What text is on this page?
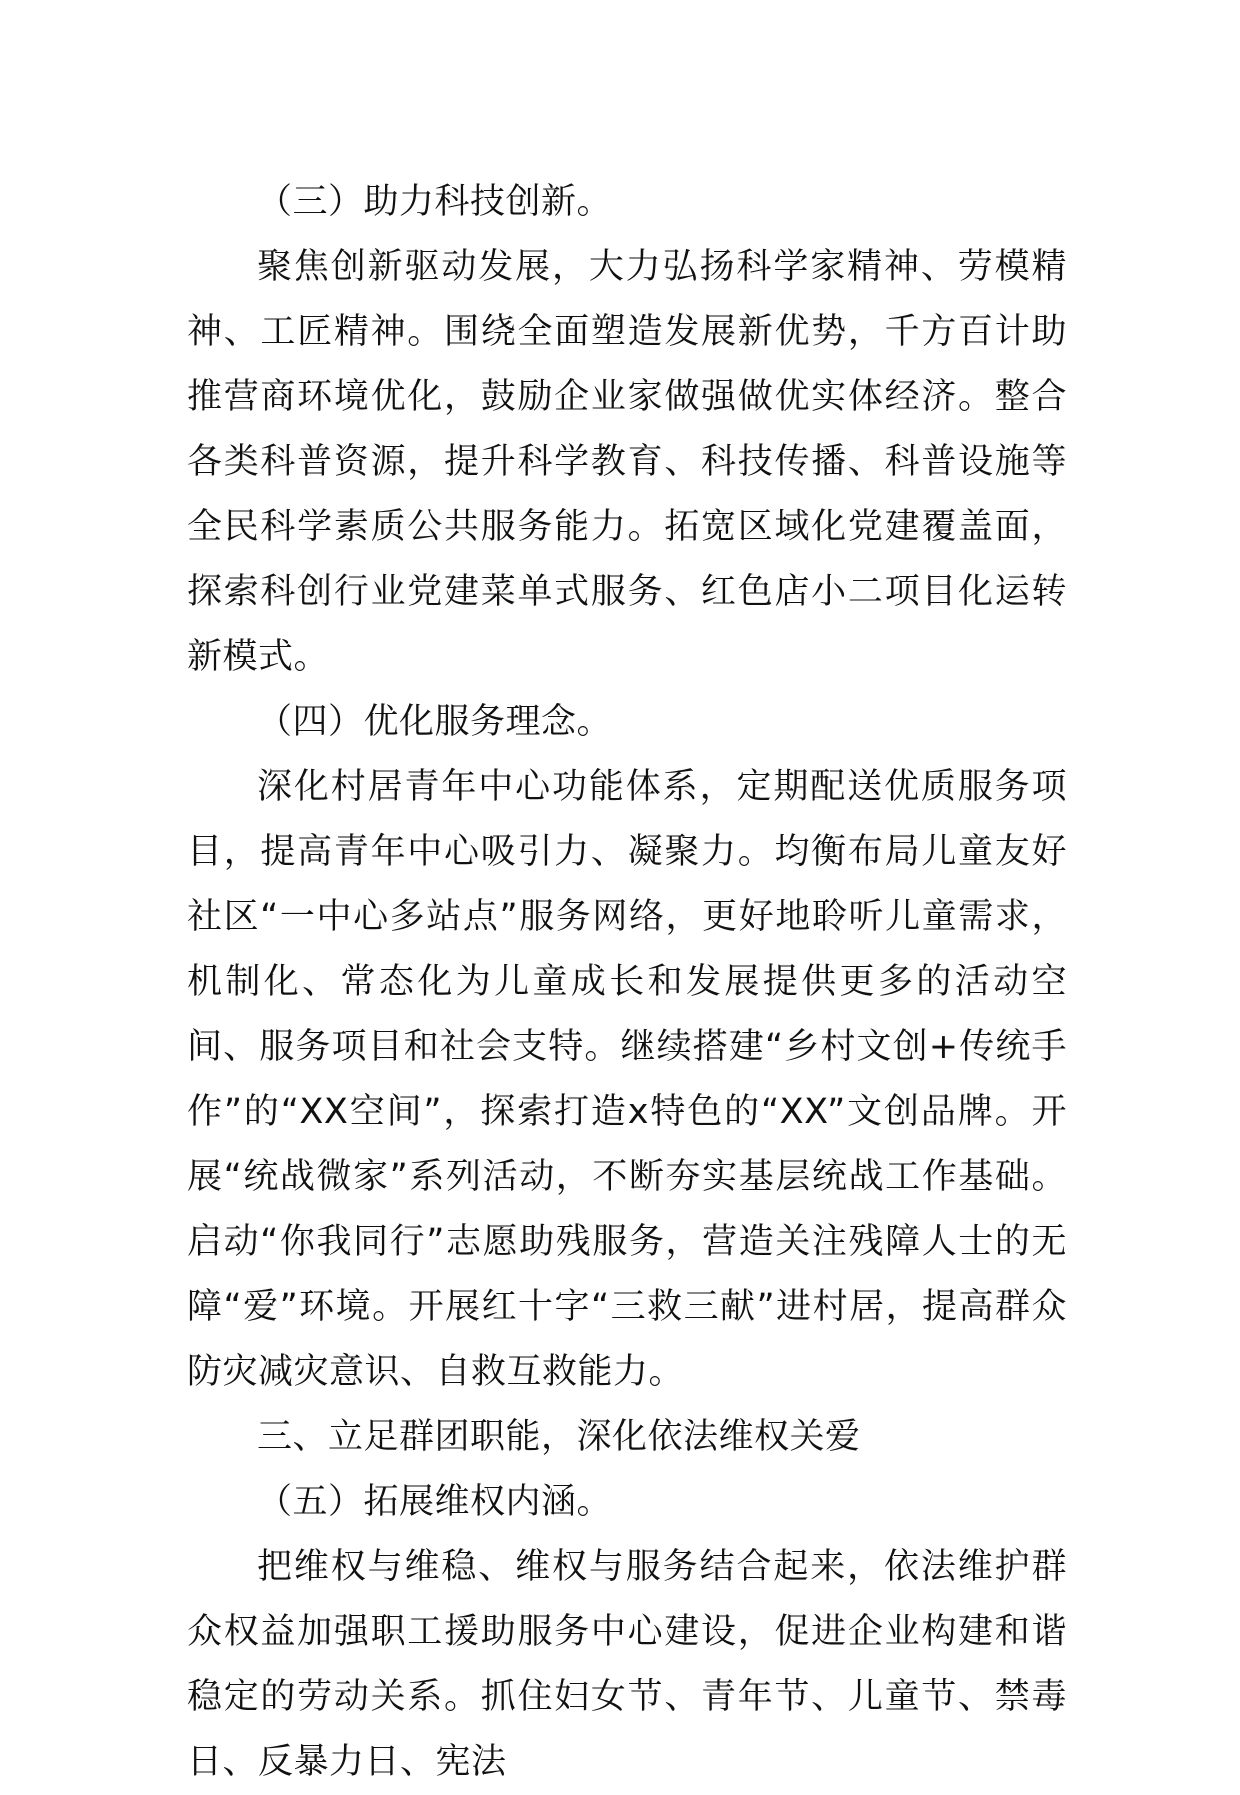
（三）助力科技创新。

聚焦创新驱动发展，大力弘扬科学家精神、劳模精神、工匠精神。围绕全面塑造发展新优势，千方百计助推营商环境优化，鼓励企业家做强做优实体经济。整合各类科普资源，提升科学教育、科技传播、科普设施等全民科学素质公共服务能力。拓宽区域化党建覆盖面，探索科创行业党建菜单式服务、红色店小二项目化运转新模式。

（四）优化服务理念。

深化村居青年中心功能体系，定期配送优质服务项目，提高青年中心吸引力、凝聚力。均衡布局儿童友好社区“一中心多站点”服务网络，更好地聆听儿童需求，机制化、常态化为儿童成长和发展提供更多的活动空间、服务项目和社会支特。继续搭建“乡村文创+传统手作”的“XX空间”，探索打造x特色的“XX”文创品牌。开展“统战微家”系列活动，不断夯实基层统战工作基础。启动“你我同行”志愿助残服务，营造关注残障人士的无障“爱”环境。开展红十字“三救三献”进村居，提高群众防灾减灾意识、自救互救能力。

三、立足群团职能，深化依法维权关爱

（五）拓展维权内涵。

把维权与维稳、维权与服务结合起来，依法维护群众权益加强职工援助服务中心建设，促进企业构建和谐稳定的劳动关系。抓住妇女节、青年节、儿童节、禁毒日、反暴力日、宪法
